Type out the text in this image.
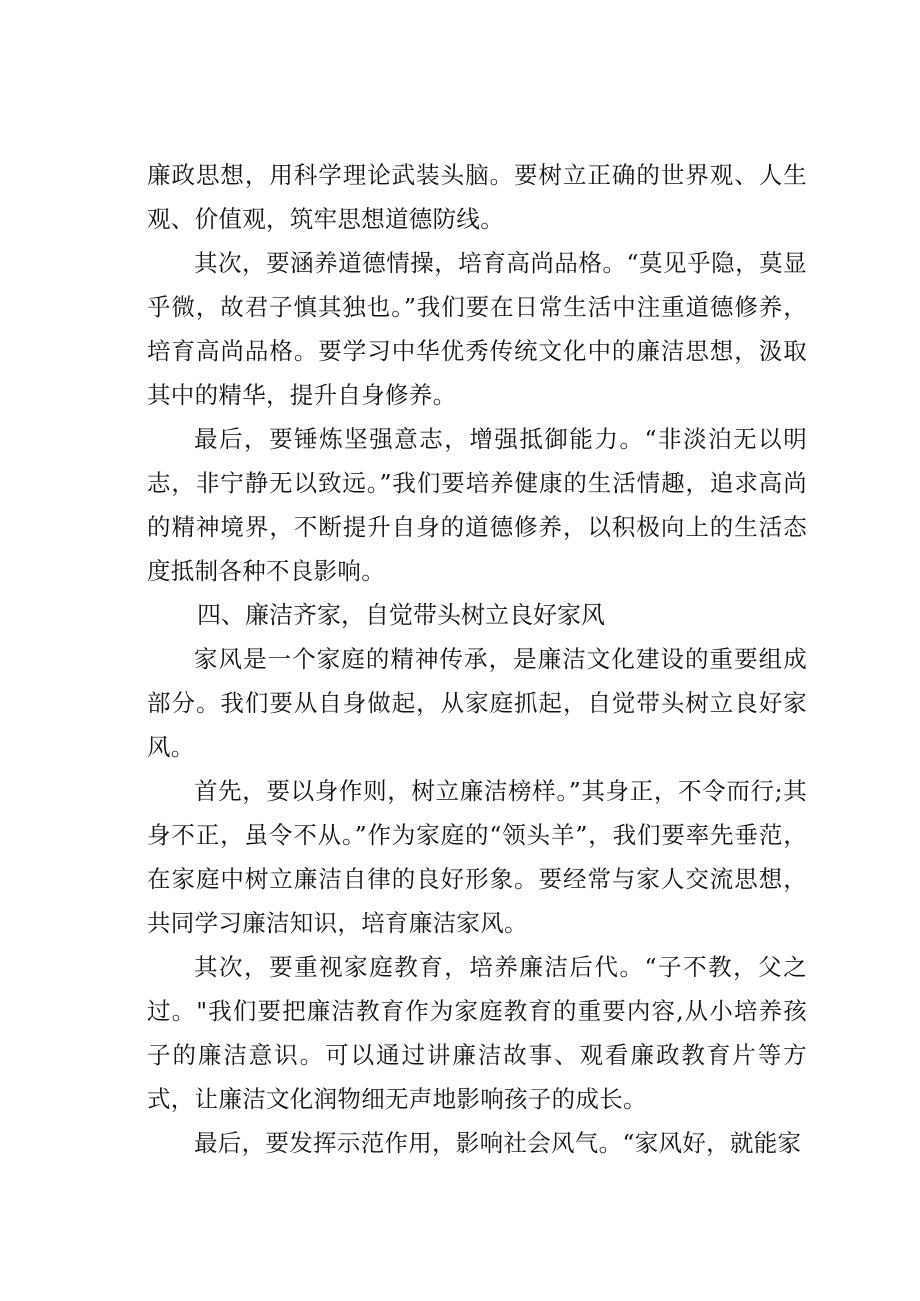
廉政思想，用科学理论武装头脑。要树立正确的世界观、人生观、价值观，筑牢思想道德防线。

其次，要涵养道德情操，培育高尚品格。“莫见乎隐，莫显乎微，故君子慎其独也。”我们要在日常生活中注重道德修养，培育高尚品格。要学习中华优秀传统文化中的廉洁思想，汲取其中的精华，提升自身修养。

最后，要锤炼坚强意志，增强抵御能力。“非淡泊无以明志，非宁静无以致远。”我们要培养健康的生活情趣，追求高尚的精神境界，不断提升自身的道德修养，以积极向上的生活态度抵制各种不良影响。

四、廉洁齐家，自觉带头树立良好家风

家风是一个家庭的精神传承，是廉洁文化建设的重要组成部分。我们要从自身做起，从家庭抓起，自觉带头树立良好家风。

首先，要以身作则，树立廉洁榜样。”其身正，不令而行;其身不正，虽令不从。”作为家庭的“领头羊”，我们要率先垂范，在家庭中树立廉洁自律的良好形象。要经常与家人交流思想，共同学习廉洁知识，培育廉洁家风。

其次，要重视家庭教育，培养廉洁后代。“子不教，父之过。"我们要把廉洁教育作为家庭教育的重要内容,从小培养孩子的廉洁意识。可以通过讲廉洁故事、观看廉政教育片等方式，让廉洁文化润物细无声地影响孩子的成长。

最后，要发挥示范作用，影响社会风气。“家风好，就能家
